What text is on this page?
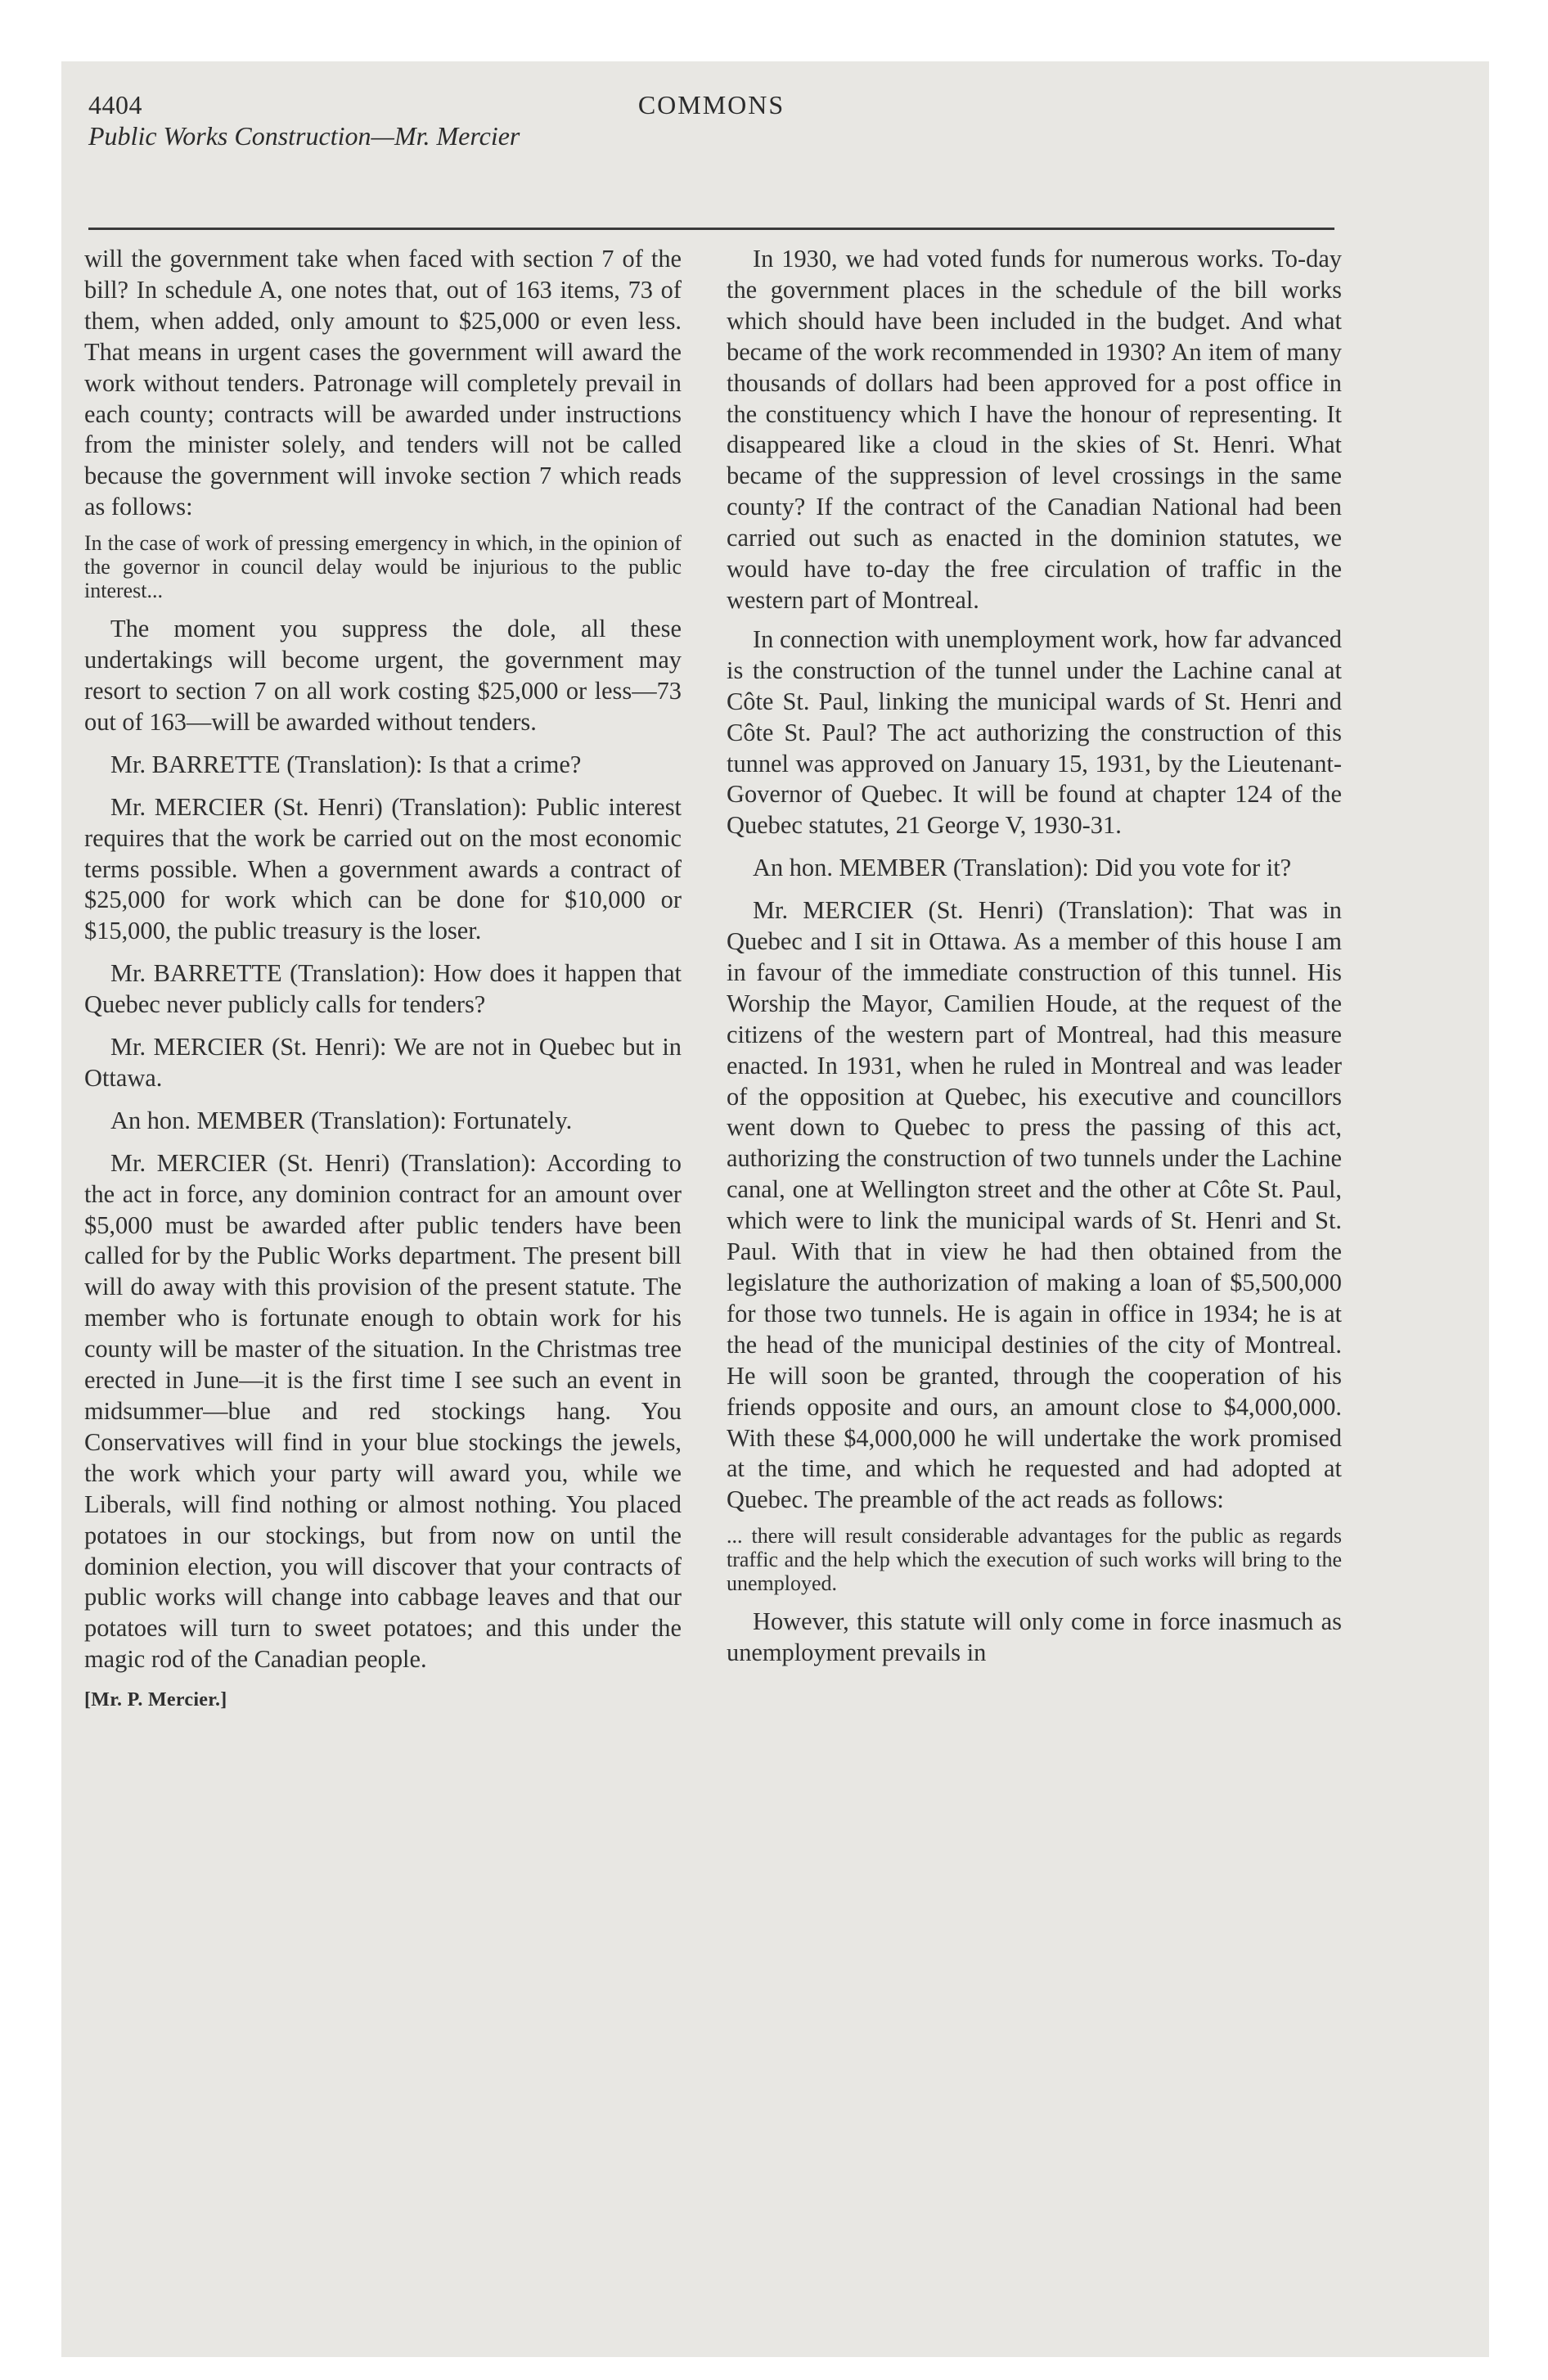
4404	COMMONS
Public Works Construction—Mr. Mercier

will the government take when faced with section 7 of the bill? In schedule A, one notes that, out of 163 items, 73 of them, when added, only amount to $25,000 or even less. That means in urgent cases the government will award the work without tenders. Patronage will completely prevail in each county; contracts will be awarded under instructions from the minister solely, and tenders will not be called because the government will invoke section 7 which reads as follows:

In the case of work of pressing emergency in which, in the opinion of the governor in council delay would be injurious to the public interest...

The moment you suppress the dole, all these undertakings will become urgent, the government may resort to section 7 on all work costing $25,000 or less—73 out of 163—will be awarded without tenders.

Mr. BARRETTE (Translation): Is that a crime?

Mr. MERCIER (St. Henri) (Translation): Public interest requires that the work be carried out on the most economic terms possible. When a government awards a contract of $25,000 for work which can be done for $10,000 or $15,000, the public treasury is the loser.

Mr. BARRETTE (Translation): How does it happen that Quebec never publicly calls for tenders?

Mr. MERCIER (St. Henri): We are not in Quebec but in Ottawa.

An hon. MEMBER (Translation): Fortunately.

Mr. MERCIER (St. Henri) (Translation): According to the act in force, any dominion contract for an amount over $5,000 must be awarded after public tenders have been called for by the Public Works department. The present bill will do away with this provision of the present statute. The member who is fortunate enough to obtain work for his county will be master of the situation. In the Christmas tree erected in June—it is the first time I see such an event in midsummer—blue and red stockings hang. You Conservatives will find in your blue stockings the jewels, the work which your party will award you, while we Liberals, will find nothing or almost nothing. You placed potatoes in our stockings, but from now on until the dominion election, you will discover that your contracts of public works will change into cabbage leaves and that our potatoes will turn to sweet potatoes; and this under the magic rod of the Canadian people.

[Mr. P. Mercier.]

In 1930, we had voted funds for numerous works. To-day the government places in the schedule of the bill works which should have been included in the budget. And what became of the work recommended in 1930? An item of many thousands of dollars had been approved for a post office in the constituency which I have the honour of representing. It disappeared like a cloud in the skies of St. Henri. What became of the suppression of level crossings in the same county? If the contract of the Canadian National had been carried out such as enacted in the dominion statutes, we would have to-day the free circulation of traffic in the western part of Montreal.

In connection with unemployment work, how far advanced is the construction of the tunnel under the Lachine canal at Côte St. Paul, linking the municipal wards of St. Henri and Côte St. Paul? The act authorizing the construction of this tunnel was approved on January 15, 1931, by the Lieutenant-Governor of Quebec. It will be found at chapter 124 of the Quebec statutes, 21 George V, 1930-31.

An hon. MEMBER (Translation): Did you vote for it?

Mr. MERCIER (St. Henri) (Translation): That was in Quebec and I sit in Ottawa. As a member of this house I am in favour of the immediate construction of this tunnel. His Worship the Mayor, Camilien Houde, at the request of the citizens of the western part of Montreal, had this measure enacted. In 1931, when he ruled in Montreal and was leader of the opposition at Quebec, his executive and councillors went down to Quebec to press the passing of this act, authorizing the construction of two tunnels under the Lachine canal, one at Wellington street and the other at Côte St. Paul, which were to link the municipal wards of St. Henri and St. Paul. With that in view he had then obtained from the legislature the authorization of making a loan of $5,500,000 for those two tunnels. He is again in office in 1934; he is at the head of the municipal destinies of the city of Montreal. He will soon be granted, through the cooperation of his friends opposite and ours, an amount close to $4,000,000. With these $4,000,000 he will undertake the work promised at the time, and which he requested and had adopted at Quebec. The preamble of the act reads as follows:

... there will result considerable advantages for the public as regards traffic and the help which the execution of such works will bring to the unemployed.

However, this statute will only come in force inasmuch as unemployment prevails in
